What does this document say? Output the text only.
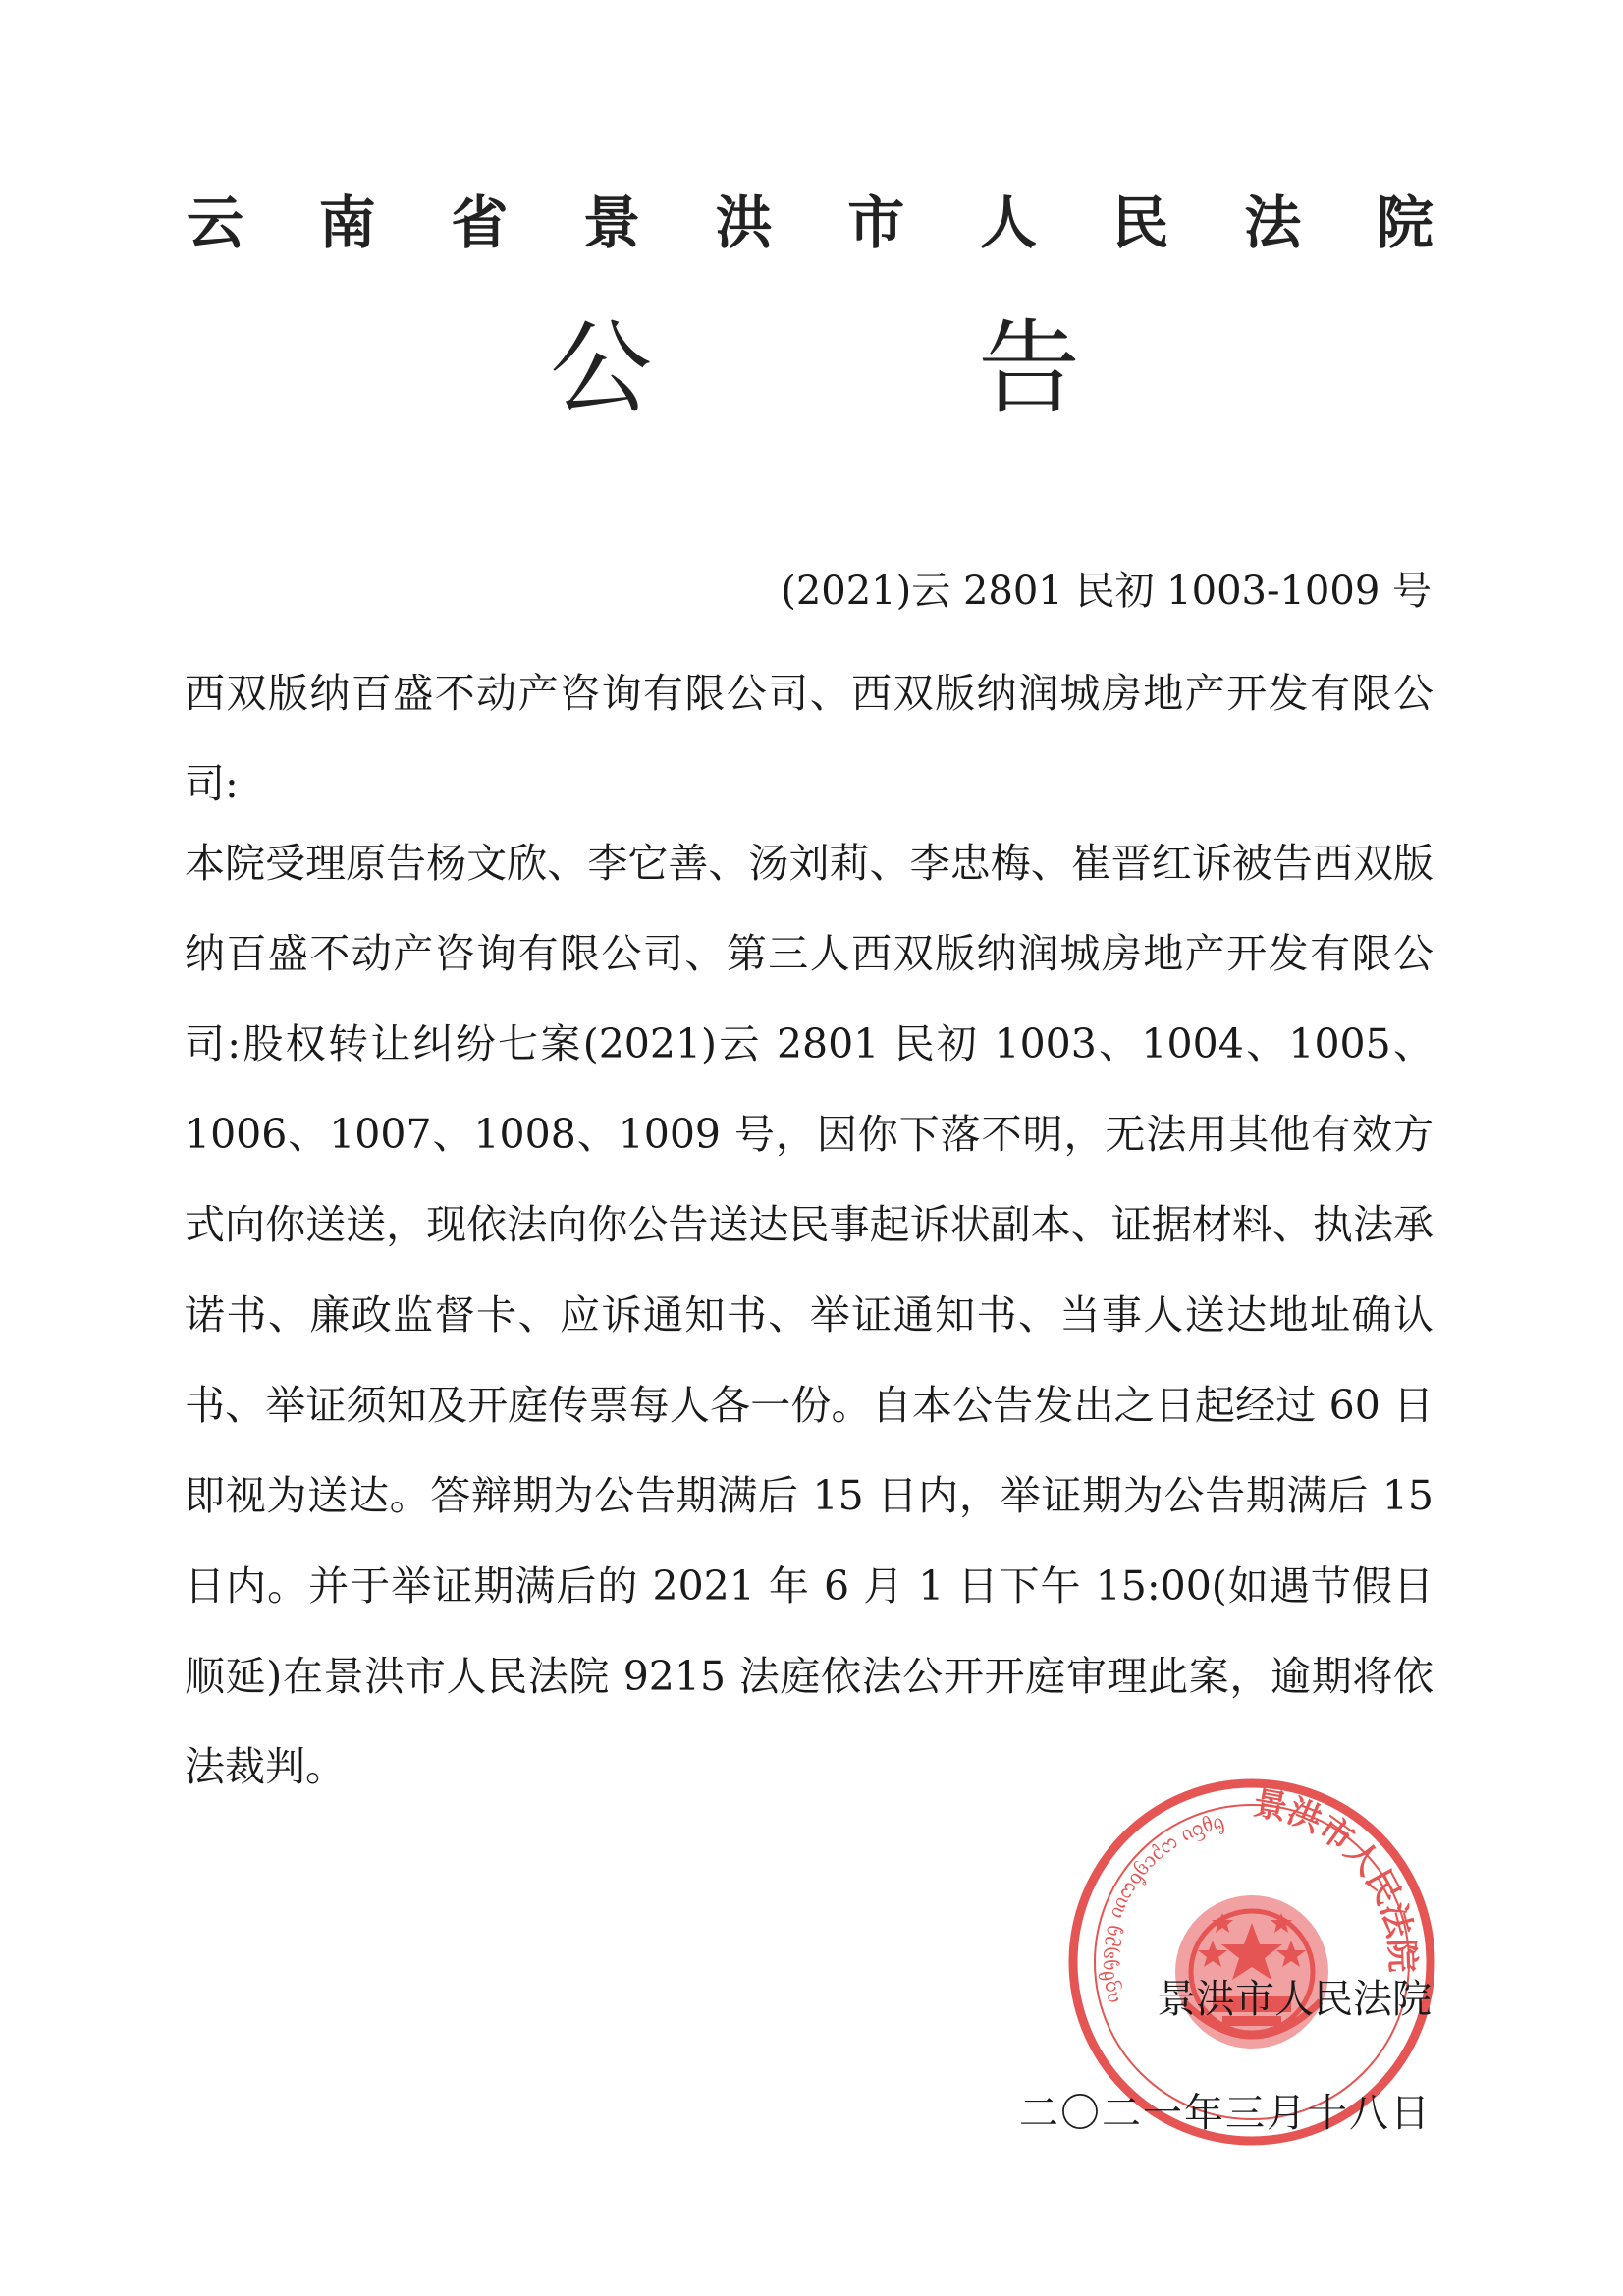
云 南 省 景 洪 市 人 民 法 院
公	告
(2021)云 2801 民初 1003-1009 号
西双版纳百盛不动产咨询有限公司、西双版纳润城房地产开发有限公司:
本院受理原告杨文欣、李它善、汤刘莉、李忠梅、崔晋红诉被告西双版纳百盛不动产咨询有限公司、第三人西双版纳润城房地产开发有限公司:股权转让纠纷七案(2021)云 2801 民初 1003、1004、1005、1006、1007、1008、1009 号，因你下落不明，无法用其他有效方式向你送送，现依法向你公告送达民事起诉状副本、证据材料、执法承诺书、廉政监督卡、应诉通知书、举证通知书、当事人送达地址确认书、举证须知及开庭传票每人各一份。自本公告发出之日起经过 60 日即视为送达。答辩期为公告期满后 15 日内，举证期为公告期满后 15 日内。并于举证期满后的 2021 年 6 月 1 日下午 15:00(如遇节假日顺延)在景洪市人民法院 9215 法庭依法公开开庭审理此案，逾期将依法裁判。
ᦵᦋᦲᧂᦣᦳᧂ ᦶᦂᧁᦑᦱᦺᦂ ᦵᦋᦲᧂ 景洪市人民法院
景洪市人民法院
二〇二一年三月十八日
